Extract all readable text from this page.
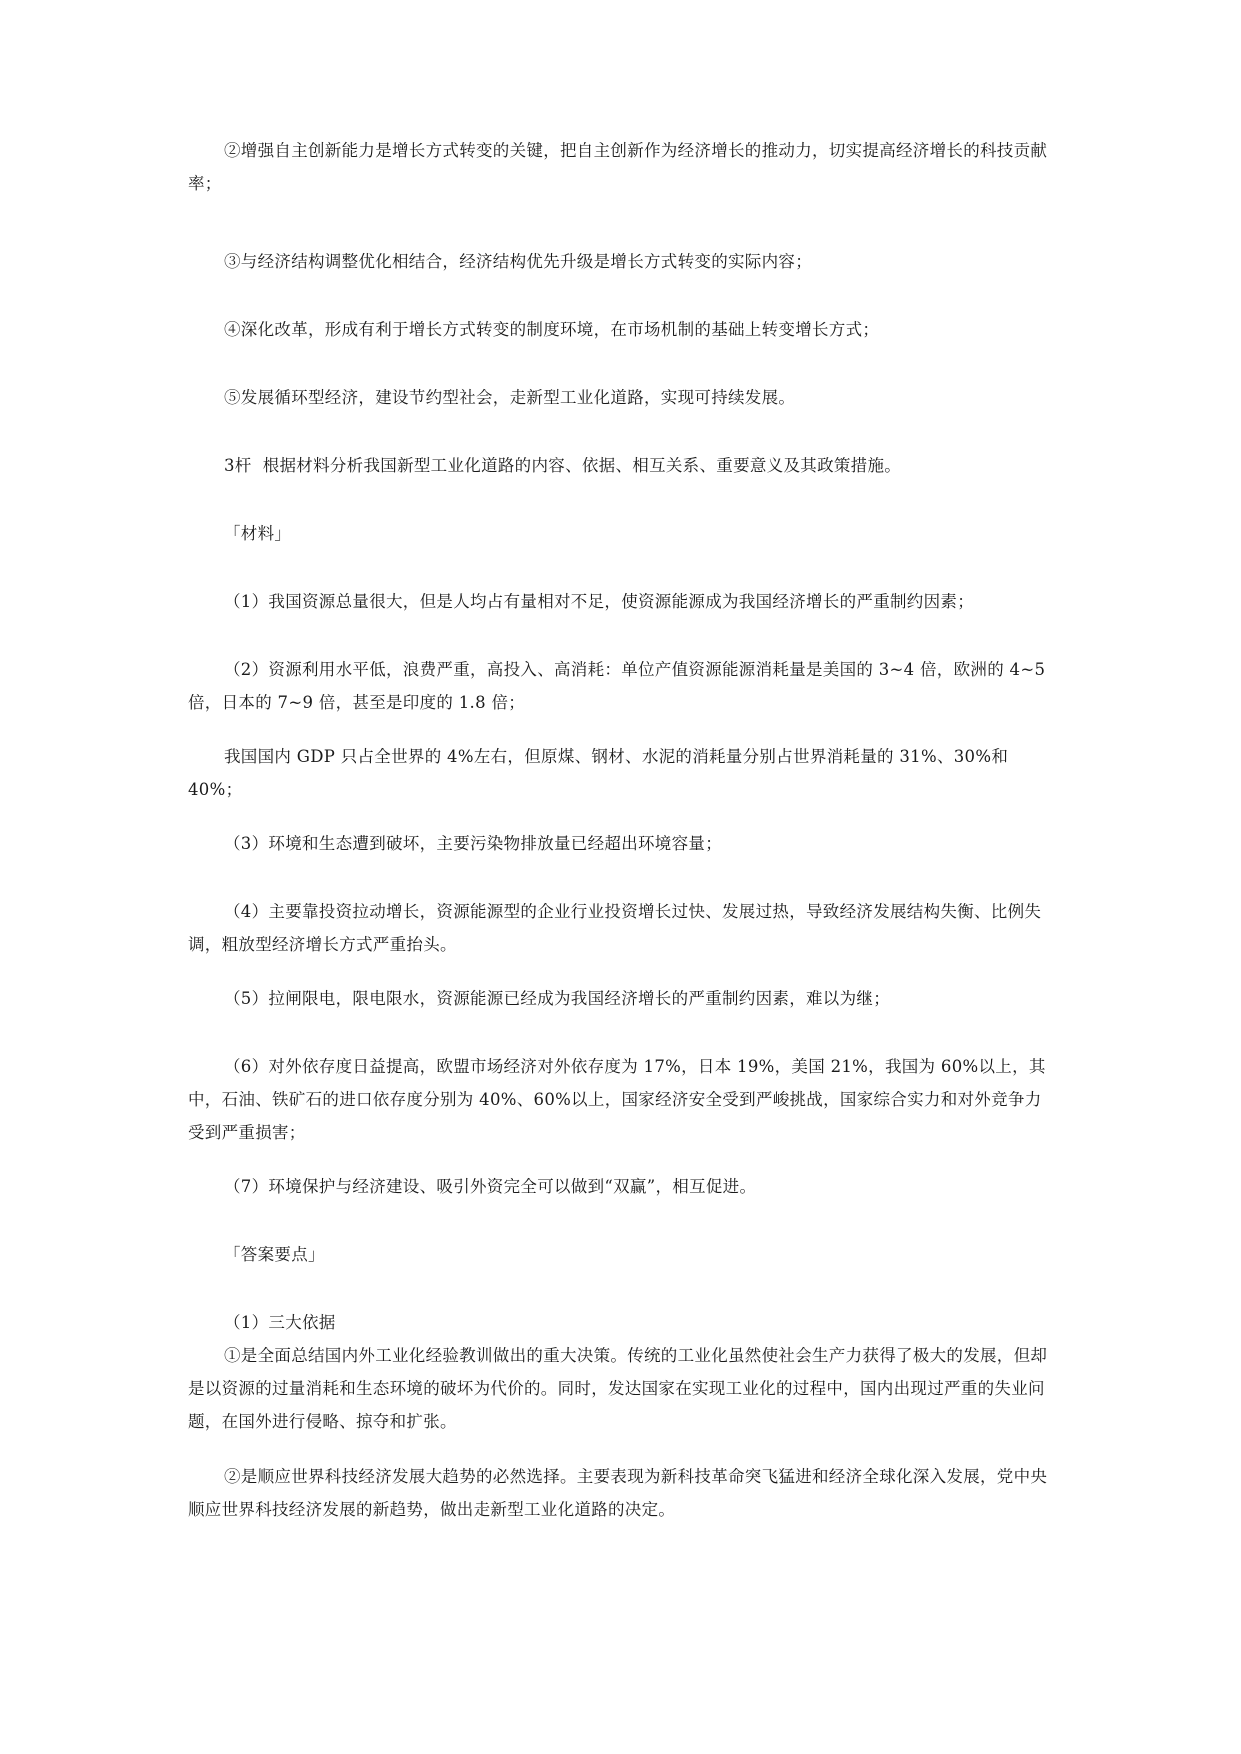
②增强自主创新能力是增长方式转变的关键，把自主创新作为经济增长的推动力，切实提高经济增长的科技贡献率；
③与经济结构调整优化相结合，经济结构优先升级是增长方式转变的实际内容；
④深化改革，形成有利于增长方式转变的制度环境，在市场机制的基础上转变增长方式；
⑤发展循环型经济，建设节约型社会，走新型工业化道路，实现可持续发展。
3杆  根据材料分析我国新型工业化道路的内容、依据、相互关系、重要意义及其政策措施。
「材料」
（1）我国资源总量很大，但是人均占有量相对不足，使资源能源成为我国经济增长的严重制约因素；
（2）资源利用水平低，浪费严重，高投入、高消耗：单位产值资源能源消耗量是美国的 3~4 倍，欧洲的 4~5 倍，日本的 7~9 倍，甚至是印度的 1.8 倍；
我国国内 GDP 只占全世界的 4%左右，但原煤、钢材、水泥的消耗量分别占世界消耗量的 31%、30%和 40%；
（3）环境和生态遭到破坏，主要污染物排放量已经超出环境容量；
（4）主要靠投资拉动增长，资源能源型的企业行业投资增长过快、发展过热，导致经济发展结构失衡、比例失调，粗放型经济增长方式严重抬头。
（5）拉闸限电，限电限水，资源能源已经成为我国经济增长的严重制约因素，难以为继；
（6）对外依存度日益提高，欧盟市场经济对外依存度为 17%，日本 19%，美国 21%，我国为 60%以上，其中，石油、铁矿石的进口依存度分别为 40%、60%以上，国家经济安全受到严峻挑战，国家综合实力和对外竞争力受到严重损害；
（7）环境保护与经济建设、吸引外资完全可以做到“双赢”，相互促进。
「答案要点」
（1）三大依据
①是全面总结国内外工业化经验教训做出的重大决策。传统的工业化虽然使社会生产力获得了极大的发展，但却是以资源的过量消耗和生态环境的破坏为代价的。同时，发达国家在实现工业化的过程中，国内出现过严重的失业问题，在国外进行侵略、掠夺和扩张。
②是顺应世界科技经济发展大趋势的必然选择。主要表现为新科技革命突飞猛进和经济全球化深入发展，党中央顺应世界科技经济发展的新趋势，做出走新型工业化道路的决定。
